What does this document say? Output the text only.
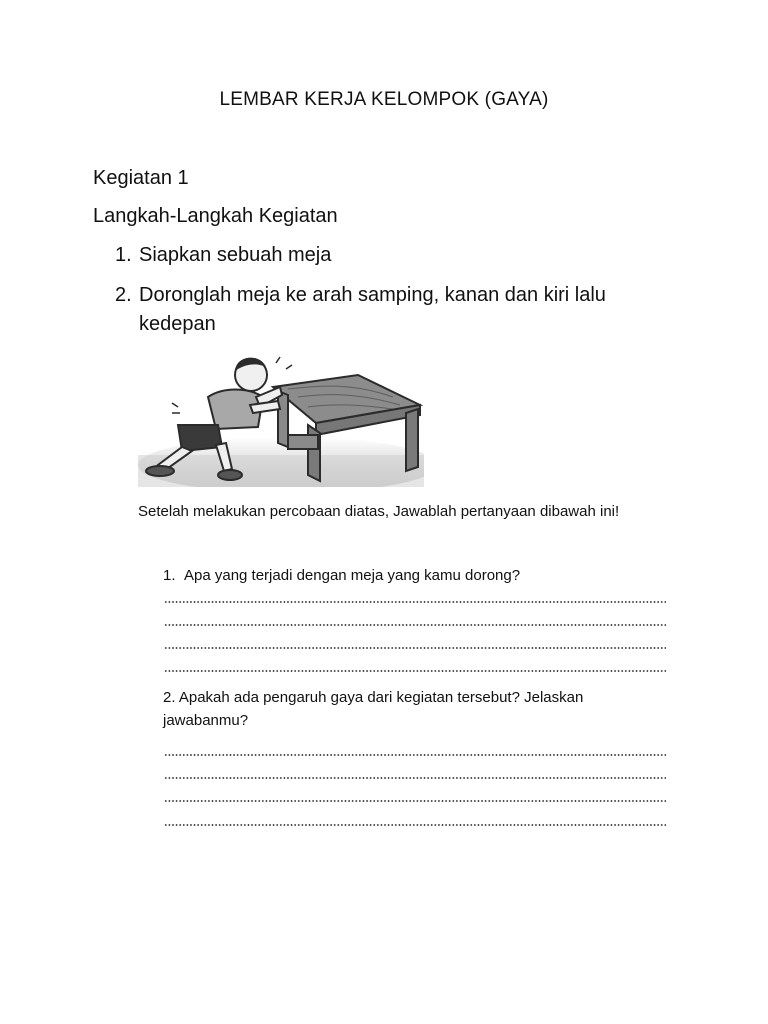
LEMBAR KERJA KELOMPOK (GAYA)
Kegiatan 1
Langkah-Langkah Kegiatan
1. Siapkan sebuah meja
2. Doronglah meja ke arah samping, kanan dan kiri lalu
kedepan
Setelah melakukan percobaan diatas, Jawablah pertanyaan dibawah ini!
1. Apa yang terjadi dengan meja yang kamu dorong?
2. Apakah ada pengaruh gaya dari kegiatan tersebut? Jelaskan
jawabanmu?
